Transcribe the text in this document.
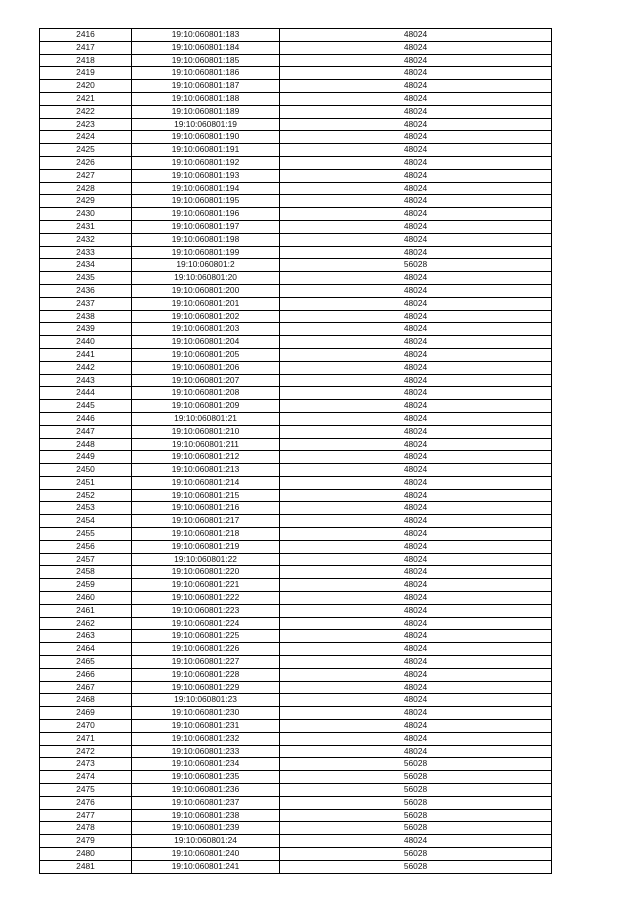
2416	19:10:060801:183	48024
2417	19:10:060801:184	48024
2418	19:10:060801:185	48024
2419	19:10:060801:186	48024
2420	19:10:060801:187	48024
2421	19:10:060801:188	48024
2422	19:10:060801:189	48024
2423	19:10:060801:19	48024
2424	19:10:060801:190	48024
2425	19:10:060801:191	48024
2426	19:10:060801:192	48024
2427	19:10:060801:193	48024
2428	19:10:060801:194	48024
2429	19:10:060801:195	48024
2430	19:10:060801:196	48024
2431	19:10:060801:197	48024
2432	19:10:060801:198	48024
2433	19:10:060801:199	48024
2434	19:10:060801:2	56028
2435	19:10:060801:20	48024
2436	19:10:060801:200	48024
2437	19:10:060801:201	48024
2438	19:10:060801:202	48024
2439	19:10:060801:203	48024
2440	19:10:060801:204	48024
2441	19:10:060801:205	48024
2442	19:10:060801:206	48024
2443	19:10:060801:207	48024
2444	19:10:060801:208	48024
2445	19:10:060801:209	48024
2446	19:10:060801:21	48024
2447	19:10:060801:210	48024
2448	19:10:060801:211	48024
2449	19:10:060801:212	48024
2450	19:10:060801:213	48024
2451	19:10:060801:214	48024
2452	19:10:060801:215	48024
2453	19:10:060801:216	48024
2454	19:10:060801:217	48024
2455	19:10:060801:218	48024
2456	19:10:060801:219	48024
2457	19:10:060801:22	48024
2458	19:10:060801:220	48024
2459	19:10:060801:221	48024
2460	19:10:060801:222	48024
2461	19:10:060801:223	48024
2462	19:10:060801:224	48024
2463	19:10:060801:225	48024
2464	19:10:060801:226	48024
2465	19:10:060801:227	48024
2466	19:10:060801:228	48024
2467	19:10:060801:229	48024
2468	19:10:060801:23	48024
2469	19:10:060801:230	48024
2470	19:10:060801:231	48024
2471	19:10:060801:232	48024
2472	19:10:060801:233	48024
2473	19:10:060801:234	56028
2474	19:10:060801:235	56028
2475	19:10:060801:236	56028
2476	19:10:060801:237	56028
2477	19:10:060801:238	56028
2478	19:10:060801:239	56028
2479	19:10:060801:24	48024
2480	19:10:060801:240	56028
2481	19:10:060801:241	56028
